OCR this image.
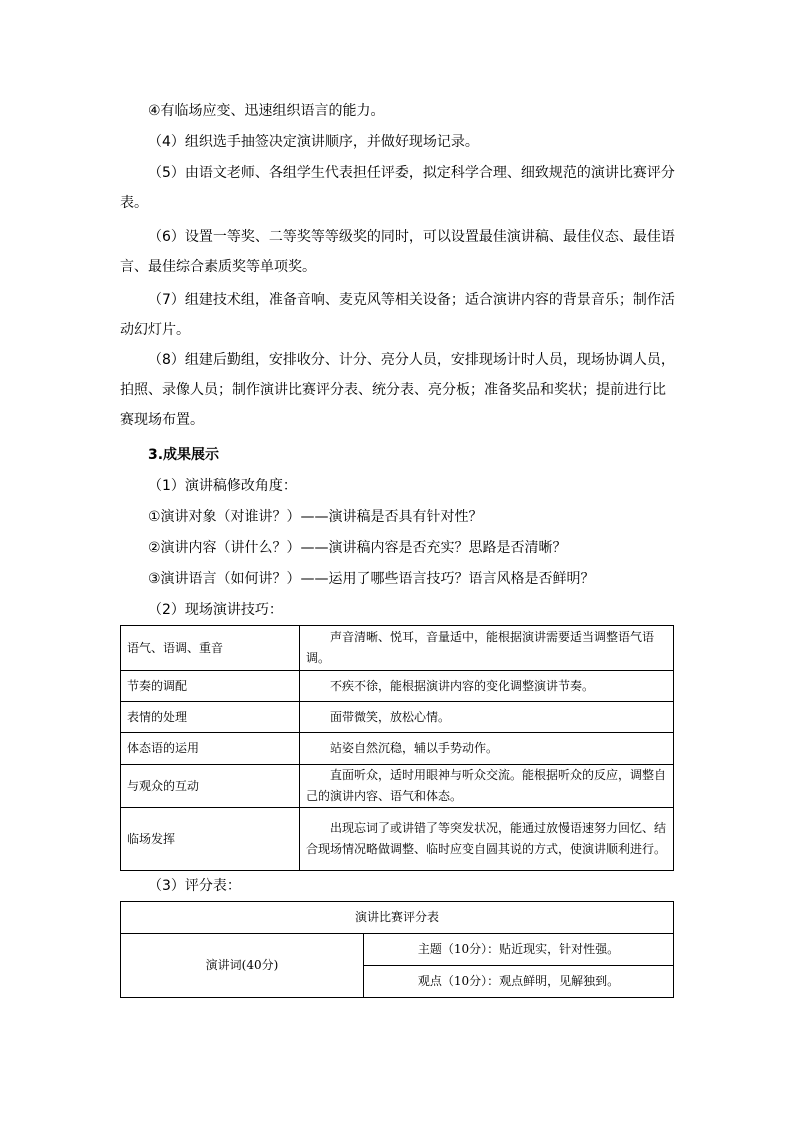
④有临场应变、迅速组织语言的能力。

（4）组织选手抽签决定演讲顺序，并做好现场记录。

（5）由语文老师、各组学生代表担任评委，拟定科学合理、细致规范的演讲比赛评分表。

（6）设置一等奖、二等奖等等级奖的同时，可以设置最佳演讲稿、最佳仪态、最佳语言、最佳综合素质奖等单项奖。

（7）组建技术组，准备音响、麦克风等相关设备；适合演讲内容的背景音乐；制作活动幻灯片。

（8）组建后勤组，安排收分、计分、亮分人员，安排现场计时人员，现场协调人员，拍照、录像人员；制作演讲比赛评分表、统分表、亮分板；准备奖品和奖状；提前进行比赛现场布置。

3.成果展示

（1）演讲稿修改角度：

①演讲对象（对谁讲？）——演讲稿是否具有针对性？

②演讲内容（讲什么？）——演讲稿内容是否充实？思路是否清晰？

③演讲语言（如何讲？）——运用了哪些语言技巧？语言风格是否鲜明？

（2）现场演讲技巧：

语气、语调、重音	声音清晰、悦耳，音量适中，能根据演讲需要适当调整语气语调。
节奏的调配	不疾不徐，能根据演讲内容的变化调整演讲节奏。
表情的处理	面带微笑，放松心情。
体态语的运用	站姿自然沉稳，辅以手势动作。
与观众的互动	直面听众，适时用眼神与听众交流。能根据听众的反应，调整自己的演讲内容、语气和体态。
临场发挥	出现忘词了或讲错了等突发状况，能通过放慢语速努力回忆、结合现场情况略做调整、临时应变自圆其说的方式，使演讲顺利进行。

（3）评分表：

演讲比赛评分表
演讲词(40分)	主题（10分）：贴近现实，针对性强。
观点（10分）：观点鲜明，见解独到。
